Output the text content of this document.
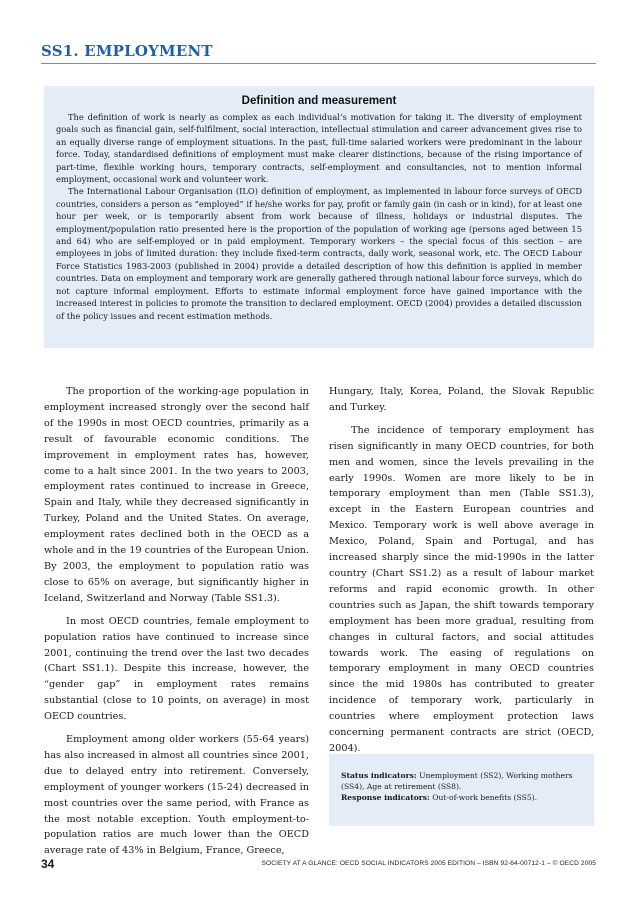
SS1. EMPLOYMENT
Definition and measurement

The definition of work is nearly as complex as each individual’s motivation for taking it. The diversity of employment goals such as financial gain, self-fulfilment, social interaction, intellectual stimulation and career advancement gives rise to an equally diverse range of employment situations. In the past, full-time salaried workers were predominant in the labour force. Today, standardised definitions of employment must make clearer distinctions, because of the rising importance of part-time, flexible working hours, temporary contracts, self-employment and consultancies, not to mention informal employment, occasional work and volunteer work.

The International Labour Organisation (ILO) definition of employment, as implemented in labour force surveys of OECD countries, considers a person as “employed” if he/she works for pay, profit or family gain (in cash or in kind), for at least one hour per week, or is temporarily absent from work because of illness, holidays or industrial disputes. The employment/population ratio presented here is the proportion of the population of working age (persons aged between 15 and 64) who are self-employed or in paid employment. Temporary workers – the special focus of this section – are employees in jobs of limited duration: they include fixed-term contracts, daily work, seasonal work, etc. The OECD Labour Force Statistics 1983-2003 (published in 2004) provide a detailed description of how this definition is applied in member countries. Data on employment and temporary work are generally gathered through national labour force surveys, which do not capture informal employment. Efforts to estimate informal employment force have gained importance with the increased interest in policies to promote the transition to declared employment. OECD (2004) provides a detailed discussion of the policy issues and recent estimation methods.

The proportion of the working-age population in employment increased strongly over the second half of the 1990s in most OECD countries, primarily as a result of favourable economic conditions. The improvement in employment rates has, however, come to a halt since 2001. In the two years to 2003, employment rates continued to increase in Greece, Spain and Italy, while they decreased significantly in Turkey, Poland and the United States. On average, employment rates declined both in the OECD as a whole and in the 19 countries of the European Union. By 2003, the employment to population ratio was close to 65% on average, but significantly higher in Iceland, Switzerland and Norway (Table SS1.3).

In most OECD countries, female employment to population ratios have continued to increase since 2001, continuing the trend over the last two decades (Chart SS1.1). Despite this increase, however, the “gender gap” in employment rates remains substantial (close to 10 points, on average) in most OECD countries.

Employment among older workers (55-64 years) has also increased in almost all countries since 2001, due to delayed entry into retirement. Conversely, employment of younger workers (15-24) decreased in most countries over the same period, with France as the most notable exception. Youth employment-to-population ratios are much lower than the OECD average rate of 43% in Belgium, France, Greece,

Hungary, Italy, Korea, Poland, the Slovak Republic and Turkey.

The incidence of temporary employment has risen significantly in many OECD countries, for both men and women, since the levels prevailing in the early 1990s. Women are more likely to be in temporary employment than men (Table SS1.3), except in the Eastern European countries and Mexico. Temporary work is well above average in Mexico, Poland, Spain and Portugal, and has increased sharply since the mid-1990s in the latter country (Chart SS1.2) as a result of labour market reforms and rapid economic growth. In other countries such as Japan, the shift towards temporary employment has been more gradual, resulting from changes in cultural factors, and social attitudes towards work. The easing of regulations on temporary employment in many OECD countries since the mid 1980s has contributed to greater incidence of temporary work, particularly in countries where employment protection laws concerning permanent contracts are strict (OECD, 2004).

Status indicators: Unemployment (SS2), Working mothers (SS4), Age at retirement (SS8).
Response indicators: Out-of-work benefits (SS5).
34	SOCIETY AT A GLANCE: OECD SOCIAL INDICATORS 2005 EDITION – ISBN 92-64-00712-1 – © OECD 2005
